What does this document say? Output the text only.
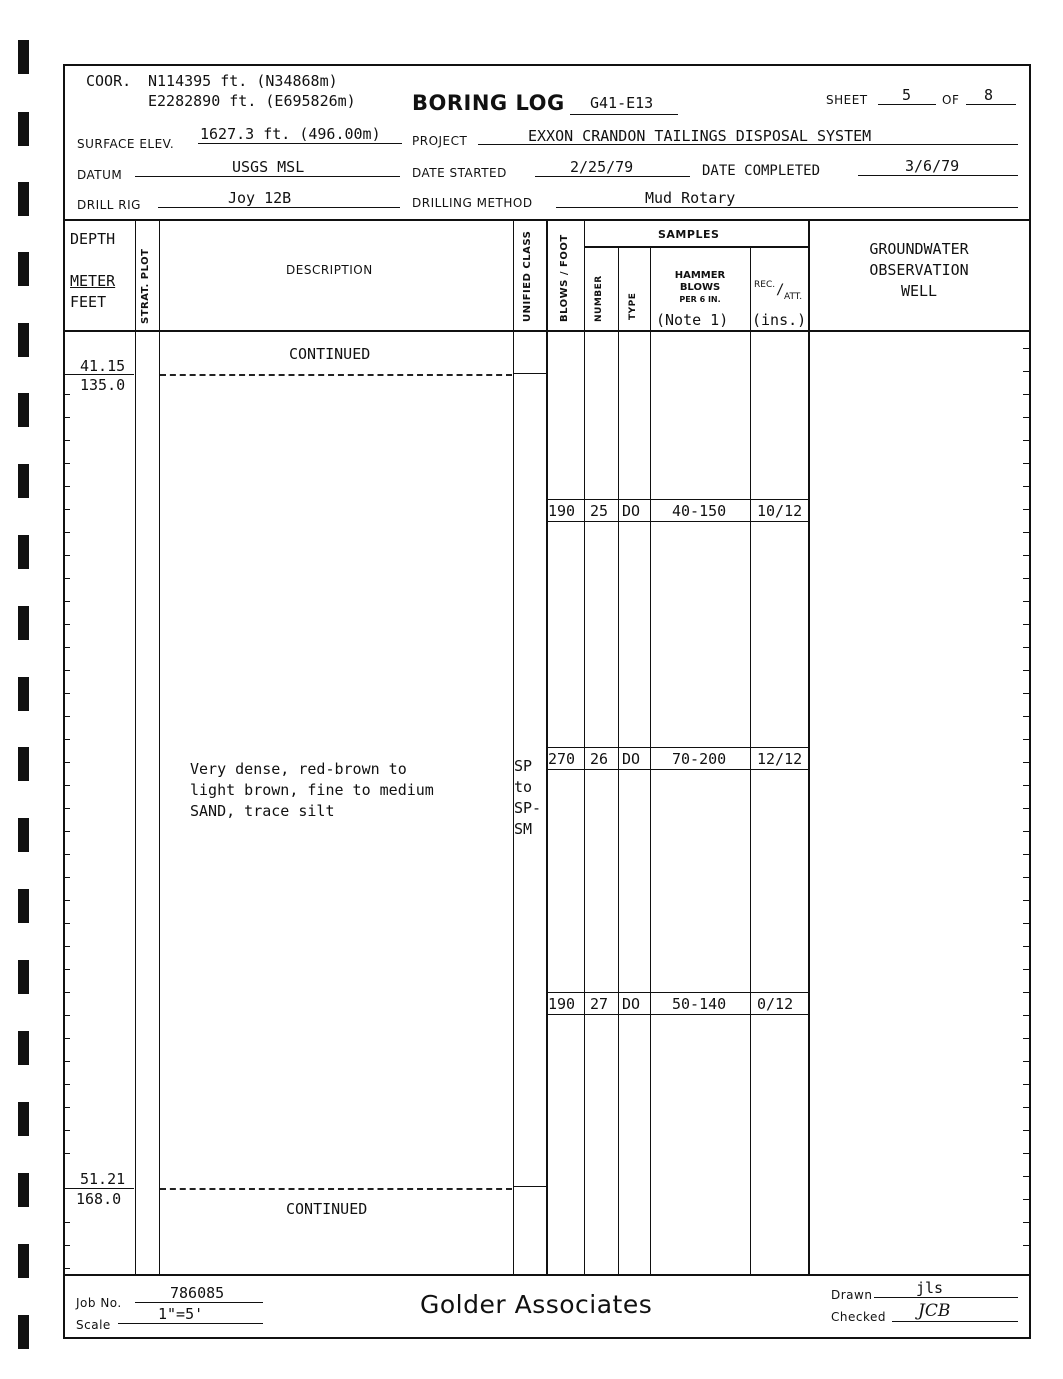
COOR. N114395 ft. (N34868m)
E2282890 ft. (E695826m)	BORING LOG G41-E13	SHEET 5	OF 8
SURFACE ELEV.
1627.3 ft. (496.00m)	PROJECT	EXXON CRANDON TAILINGS DISPOSAL SYSTEM
DATUM	USGS MSL	DATE STARTED	2/25/79	DATE COMPLETED	3/6/79
DRILL RIG	Joy 12B	DRILLING METHOD	Mud Rotary
DEPTH
METER
FEET	STRAT. PLOT	DESCRIPTION	UNIFIED CLASS	BLOWS / FOOT	SAMPLES
NUMBER	TYPE
HAMMER
BLOWS
PER 6 IN.
(Note 1)
REC. / ATT.
(ins.)
GROUNDWATER
OBSERVATION
WELL
CONTINUED
41.15
135.0
Very dense, red-brown to
light brown, fine to medium
SAND, trace silt
SP
to
SP-
SM
190 25 DO 40-150 10/12
270 26 DO 70-200 12/12
190 27 DO 50-140 0/12
51.21
168.0
CONTINUED
Job No.
786085
Scale
1"=5'	Golder Associates	Drawn	jls
Checked JCB
